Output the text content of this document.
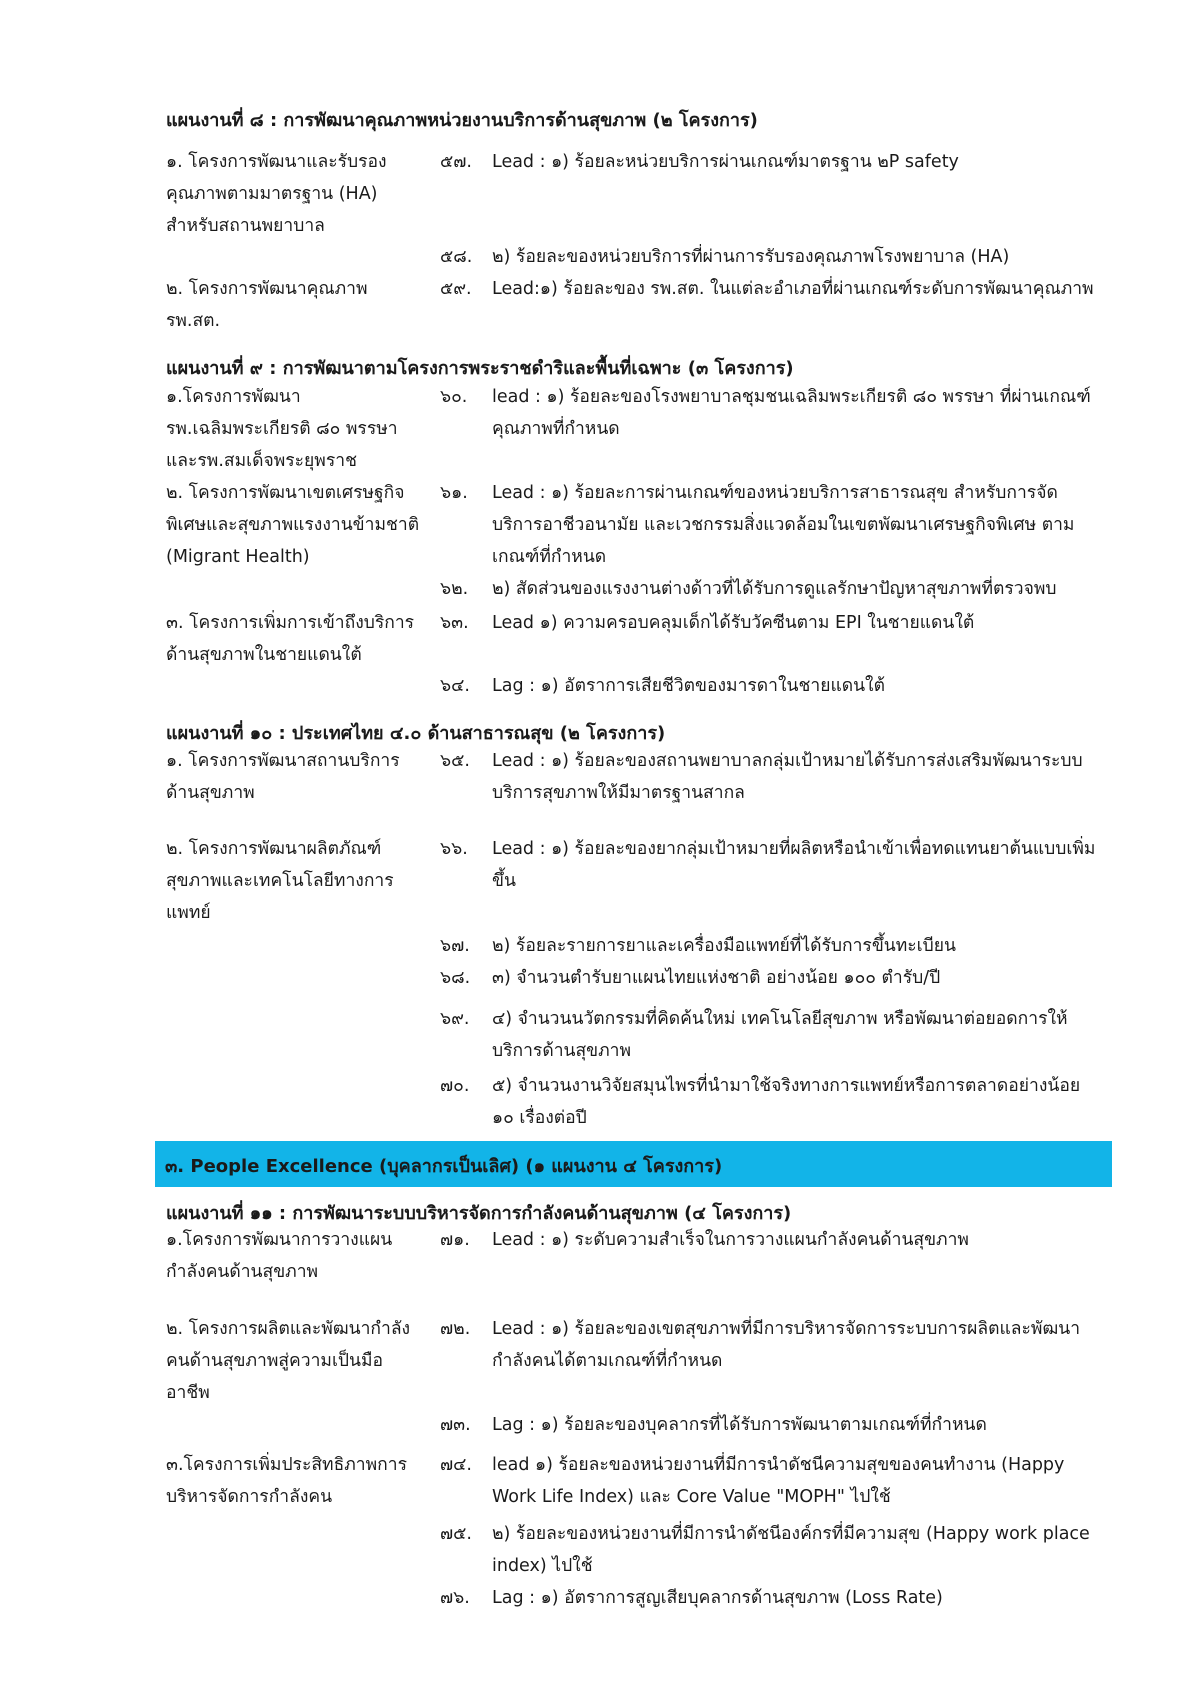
แผนงานที่ ๘ : การพัฒนาคุณภาพหน่วยงานบริการด้านสุขภาพ (๒ โครงการ)
๑. โครงการพัฒนาและรับรองคุณภาพตามมาตรฐาน (HA) สำหรับสถานพยาบาล
๕๗. Lead : ๑) ร้อยละหน่วยบริการผ่านเกณฑ์มาตรฐาน ๒P safety
๕๘. ๒) ร้อยละของหน่วยบริการที่ผ่านการรับรองคุณภาพโรงพยาบาล (HA)
๒. โครงการพัฒนาคุณภาพ รพ.สต.
๕๙. Lead:๑) ร้อยละของ รพ.สต. ในแต่ละอำเภอที่ผ่านเกณฑ์ระดับการพัฒนาคุณภาพ
แผนงานที่ ๙ : การพัฒนาตามโครงการพระราชดำริและพื้นที่เฉพาะ (๓ โครงการ)
๑.โครงการพัฒนา รพ.เฉลิมพระเกียรติ ๘๐ พรรษา และรพ.สมเด็จพระยุพราช
๖๐. lead : ๑) ร้อยละของโรงพยาบาลชุมชนเฉลิมพระเกียรติ ๘๐ พรรษา ที่ผ่านเกณฑ์คุณภาพที่กำหนด
๒. โครงการพัฒนาเขตเศรษฐกิจพิเศษและสุขภาพแรงงานข้ามชาติ (Migrant Health)
๖๑. Lead : ๑) ร้อยละการผ่านเกณฑ์ของหน่วยบริการสาธารณสุข สำหรับการจัดบริการอาชีวอนามัย และเวชกรรมสิ่งแวดล้อมในเขตพัฒนาเศรษฐกิจพิเศษ ตามเกณฑ์ที่กำหนด
๖๒. ๒) สัดส่วนของแรงงานต่างด้าวที่ได้รับการดูแลรักษาปัญหาสุขภาพที่ตรวจพบ
๓. โครงการเพิ่มการเข้าถึงบริการด้านสุขภาพในชายแดนใต้
๖๓. Lead ๑) ความครอบคลุมเด็กได้รับวัคซีนตาม EPI ในชายแดนใต้
๖๔. Lag : ๑) อัตราการเสียชีวิตของมารดาในชายแดนใต้
แผนงานที่ ๑๐ : ประเทศไทย ๔.๐ ด้านสาธารณสุข (๒ โครงการ)
๑. โครงการพัฒนาสถานบริการด้านสุขภาพ
๖๕. Lead : ๑) ร้อยละของสถานพยาบาลกลุ่มเป้าหมายได้รับการส่งเสริมพัฒนาระบบบริการสุขภาพให้มีมาตรฐานสากล
๒. โครงการพัฒนาผลิตภัณฑ์สุขภาพและเทคโนโลยีทางการแพทย์
๖๖. Lead : ๑) ร้อยละของยากลุ่มเป้าหมายที่ผลิตหรือนำเข้าเพื่อทดแทนยาต้นแบบเพิ่มขึ้น
๖๗. ๒) ร้อยละรายการยาและเครื่องมือแพทย์ที่ได้รับการขึ้นทะเบียน
๖๘. ๓) จำนวนตำรับยาแผนไทยแห่งชาติ อย่างน้อย ๑๐๐ ตำรับ/ปี
๖๙. ๔) จำนวนนวัตกรรมที่คิดค้นใหม่ เทคโนโลยีสุขภาพ หรือพัฒนาต่อยอดการให้บริการด้านสุขภาพ
๗๐. ๕) จำนวนงานวิจัยสมุนไพรที่นำมาใช้จริงทางการแพทย์หรือการตลาดอย่างน้อย ๑๐ เรื่องต่อปี
๓. People Excellence (บุคลากรเป็นเลิศ) (๑ แผนงาน ๔ โครงการ)
แผนงานที่ ๑๑ : การพัฒนาระบบบริหารจัดการกำลังคนด้านสุขภาพ (๔ โครงการ)
๑.โครงการพัฒนาการวางแผนกำลังคนด้านสุขภาพ
๗๑. Lead : ๑) ระดับความสำเร็จในการวางแผนกำลังคนด้านสุขภาพ
๒. โครงการผลิตและพัฒนากำลังคนด้านสุขภาพสู่ความเป็นมืออาชีพ
๗๒. Lead : ๑) ร้อยละของเขตสุขภาพที่มีการบริหารจัดการระบบการผลิตและพัฒนากำลังคนได้ตามเกณฑ์ที่กำหนด
๗๓. Lag : ๑) ร้อยละของบุคลากรที่ได้รับการพัฒนาตามเกณฑ์ที่กำหนด
๓.โครงการเพิ่มประสิทธิภาพการบริหารจัดการกำลังคน
๗๔. lead ๑) ร้อยละของหน่วยงานที่มีการนำดัชนีความสุขของคนทำงาน (Happy Work Life Index) และ Core Value "MOPH" ไปใช้
๗๕. ๒) ร้อยละของหน่วยงานที่มีการนำดัชนีองค์กรที่มีความสุข (Happy work place index) ไปใช้
๗๖. Lag : ๑) อัตราการสูญเสียบุคลากรด้านสุขภาพ (Loss Rate)
